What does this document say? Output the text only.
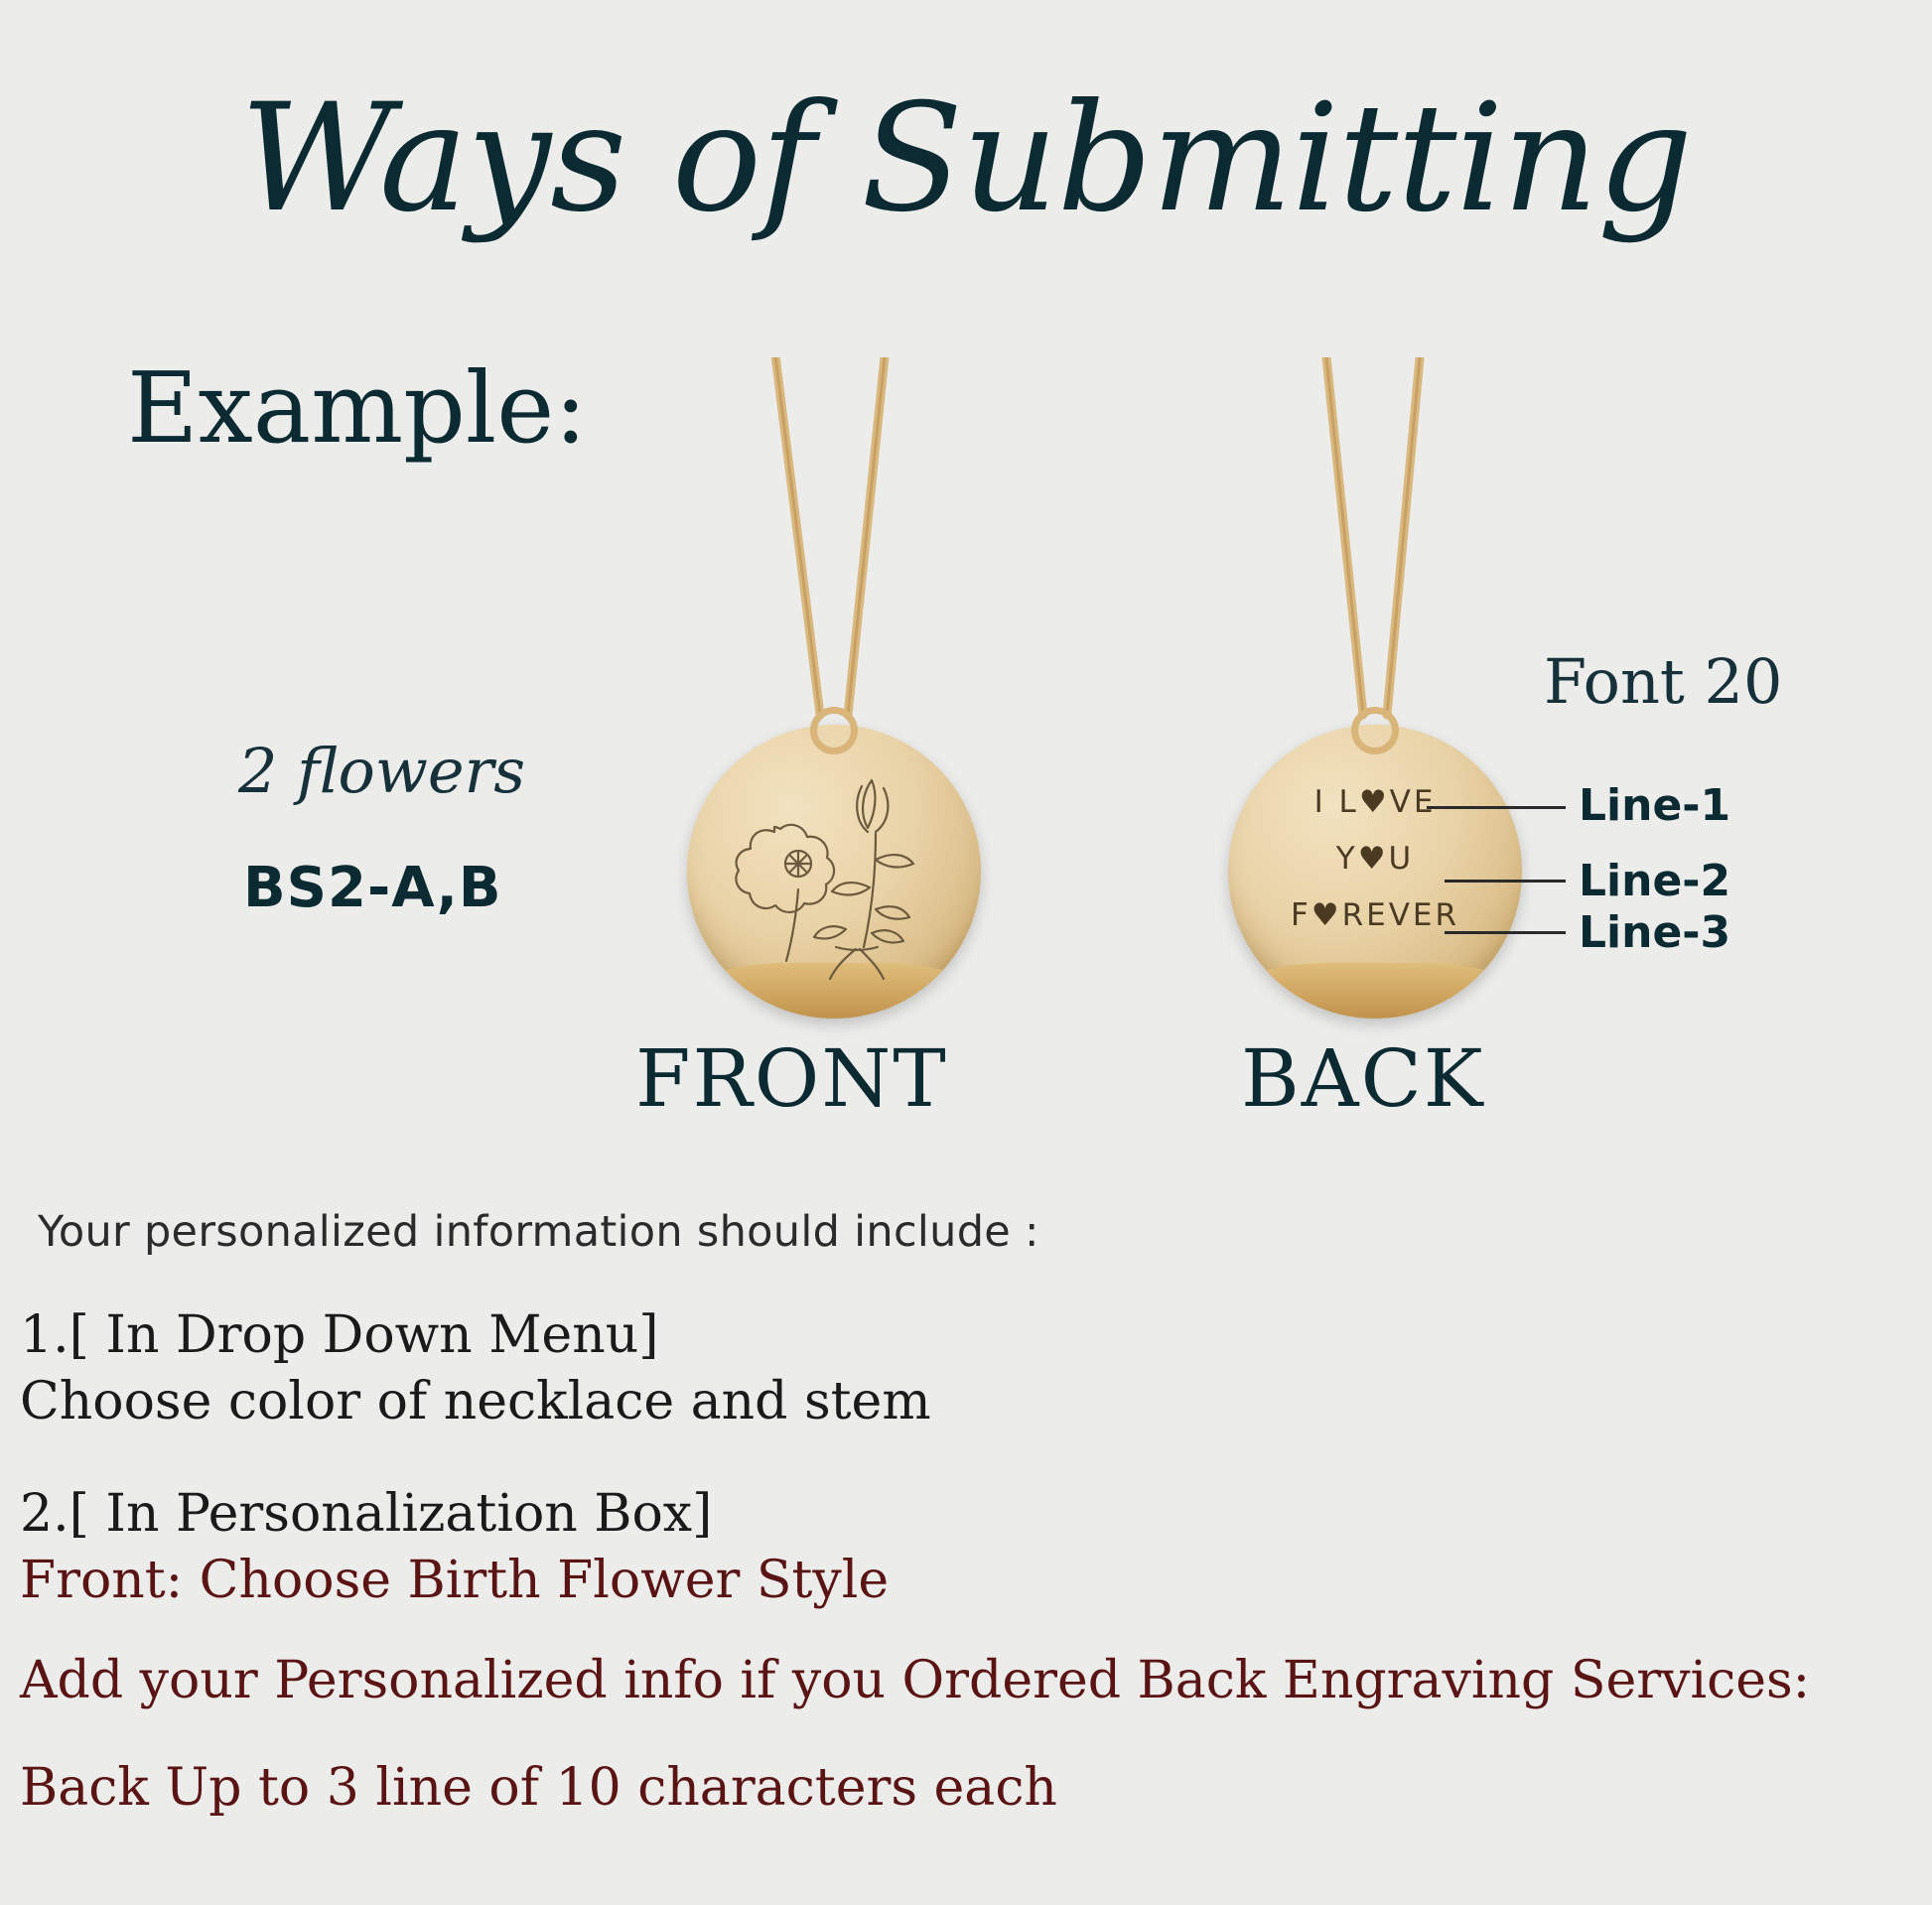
Ways of Submitting
Example:
2 flowers
BS2-A,B
Font 20
I L♥VE
Y♥U
F♥REVER
Line-1
Line-2
Line-3
FRONT	BACK
Your personalized information should include :
1.[ In Drop Down Menu]
Choose color of necklace and stem
2.[ In Personalization Box]
Front: Choose Birth Flower Style
Add your Personalized info if you Ordered Back Engraving Services:
Back Up to 3 line of 10 characters each
